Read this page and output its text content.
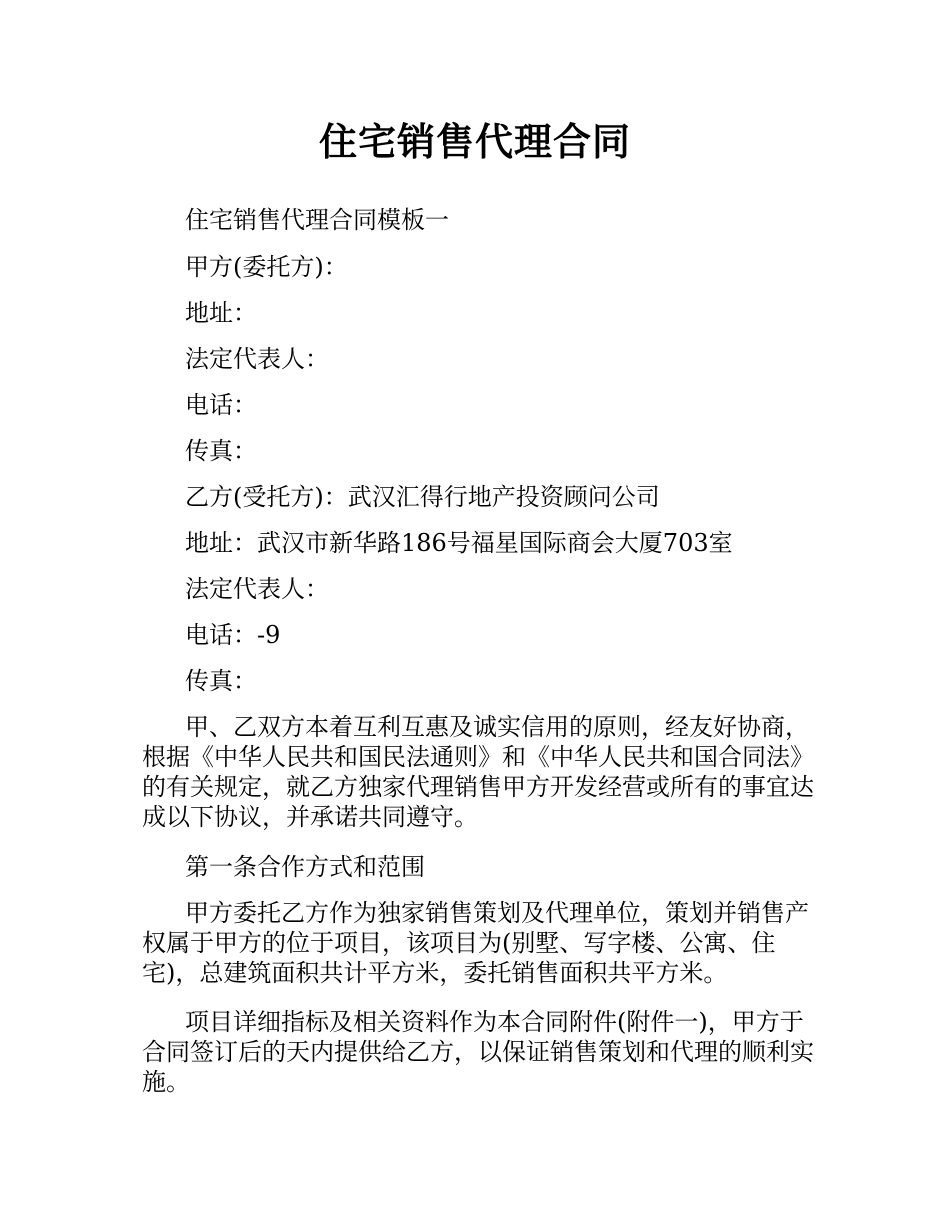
住宅销售代理合同
住宅销售代理合同模板一
甲方(委托方)：
地址：
法定代表人：
电话：
传真：
乙方(受托方)：武汉汇得行地产投资顾问公司
地址：武汉市新华路186号福星国际商会大厦703室
法定代表人：
电话：-9
传真：
甲、乙双方本着互利互惠及诚实信用的原则，经友好协商，根据《中华人民共和国民法通则》和《中华人民共和国合同法》的有关规定，就乙方独家代理销售甲方开发经营或所有的事宜达成以下协议，并承诺共同遵守。
第一条合作方式和范围
甲方委托乙方作为独家销售策划及代理单位，策划并销售产权属于甲方的位于项目，该项目为(别墅、写字楼、公寓、住宅)，总建筑面积共计平方米，委托销售面积共平方米。
项目详细指标及相关资料作为本合同附件(附件一)，甲方于合同签订后的天内提供给乙方，以保证销售策划和代理的顺利实施。
